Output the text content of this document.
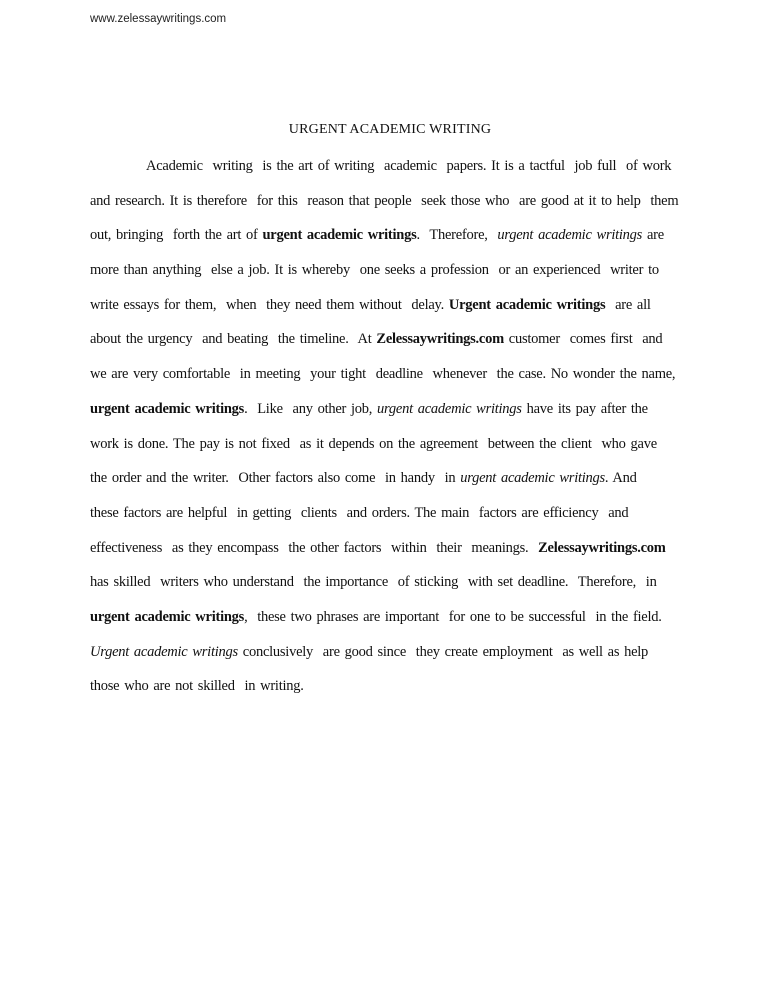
www.zelessaywritings.com
URGENT ACADEMIC WRITING
Academic  writing  is the art of writing  academic  papers. It is a tactful  job full  of work
and research. It is therefore  for this  reason that people  seek those who  are good at it to help  them
out, bringing  forth the art of urgent academic writings.  Therefore,  urgent academic writings are
more than anything  else a job. It is whereby  one seeks a profession  or an experienced  writer to
write essays for them,  when  they need them without  delay. Urgent academic writings  are all
about the urgency  and beating  the timeline.  At Zelessaywritings.com customer  comes first  and
we are very comfortable  in meeting  your tight  deadline  whenever  the case. No wonder the name,
urgent academic writings.  Like  any other job, urgent academic writings have its pay after the
work is done. The pay is not fixed  as it depends on the agreement  between the client  who gave
the order and the writer.  Other factors also come  in handy  in urgent academic writings. And
these factors are helpful  in getting  clients  and orders. The main  factors are efficiency  and
effectiveness  as they encompass  the other factors  within  their  meanings.  Zelessaywritings.com
has skilled  writers who understand  the importance  of sticking  with set deadline.  Therefore,  in
urgent academic writings,  these two phrases are important  for one to be successful  in the field.
Urgent academic writings conclusively  are good since  they create employment  as well as help
those who are not skilled  in writing.
